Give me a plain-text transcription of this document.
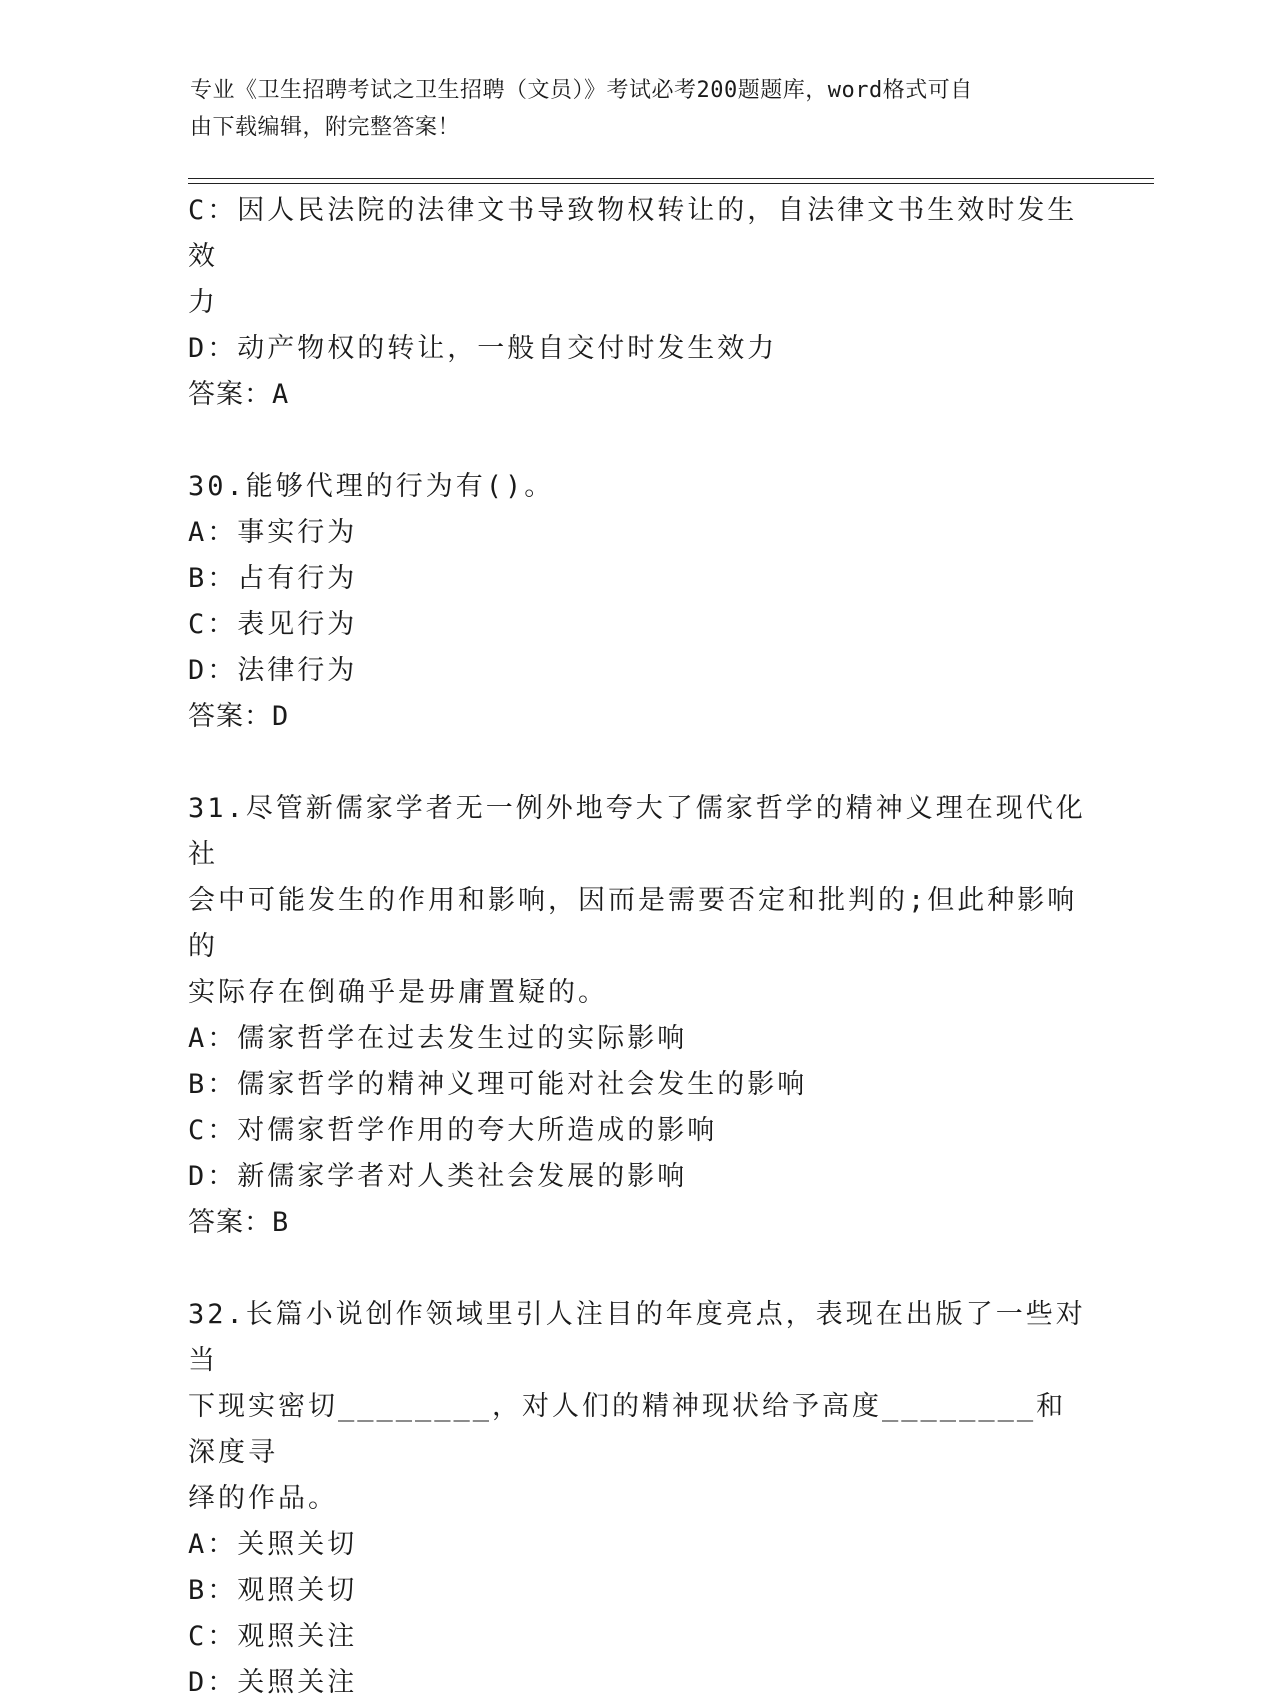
专业《卫生招聘考试之卫生招聘（文员）》考试必考200题题库，word格式可自
由下载编辑，附完整答案！
C：因人民法院的法律文书导致物权转让的，自法律文书生效时发生效
力
D：动产物权的转让，一般自交付时发生效力
答案：A
30.能够代理的行为有()。
A：事实行为
B：占有行为
C：表见行为
D：法律行为
答案：D
31.尽管新儒家学者无一例外地夸大了儒家哲学的精神义理在现代化社
会中可能发生的作用和影响，因而是需要否定和批判的;但此种影响的
实际存在倒确乎是毋庸置疑的。
A：儒家哲学在过去发生过的实际影响
B：儒家哲学的精神义理可能对社会发生的影响
C：对儒家哲学作用的夸大所造成的影响
D：新儒家学者对人类社会发展的影响
答案：B
32.长篇小说创作领域里引人注目的年度亮点，表现在出版了一些对当
下现实密切________，对人们的精神现状给予高度________和深度寻
绎的作品。
A：关照关切
B：观照关切
C：观照关注
D：关照关注
